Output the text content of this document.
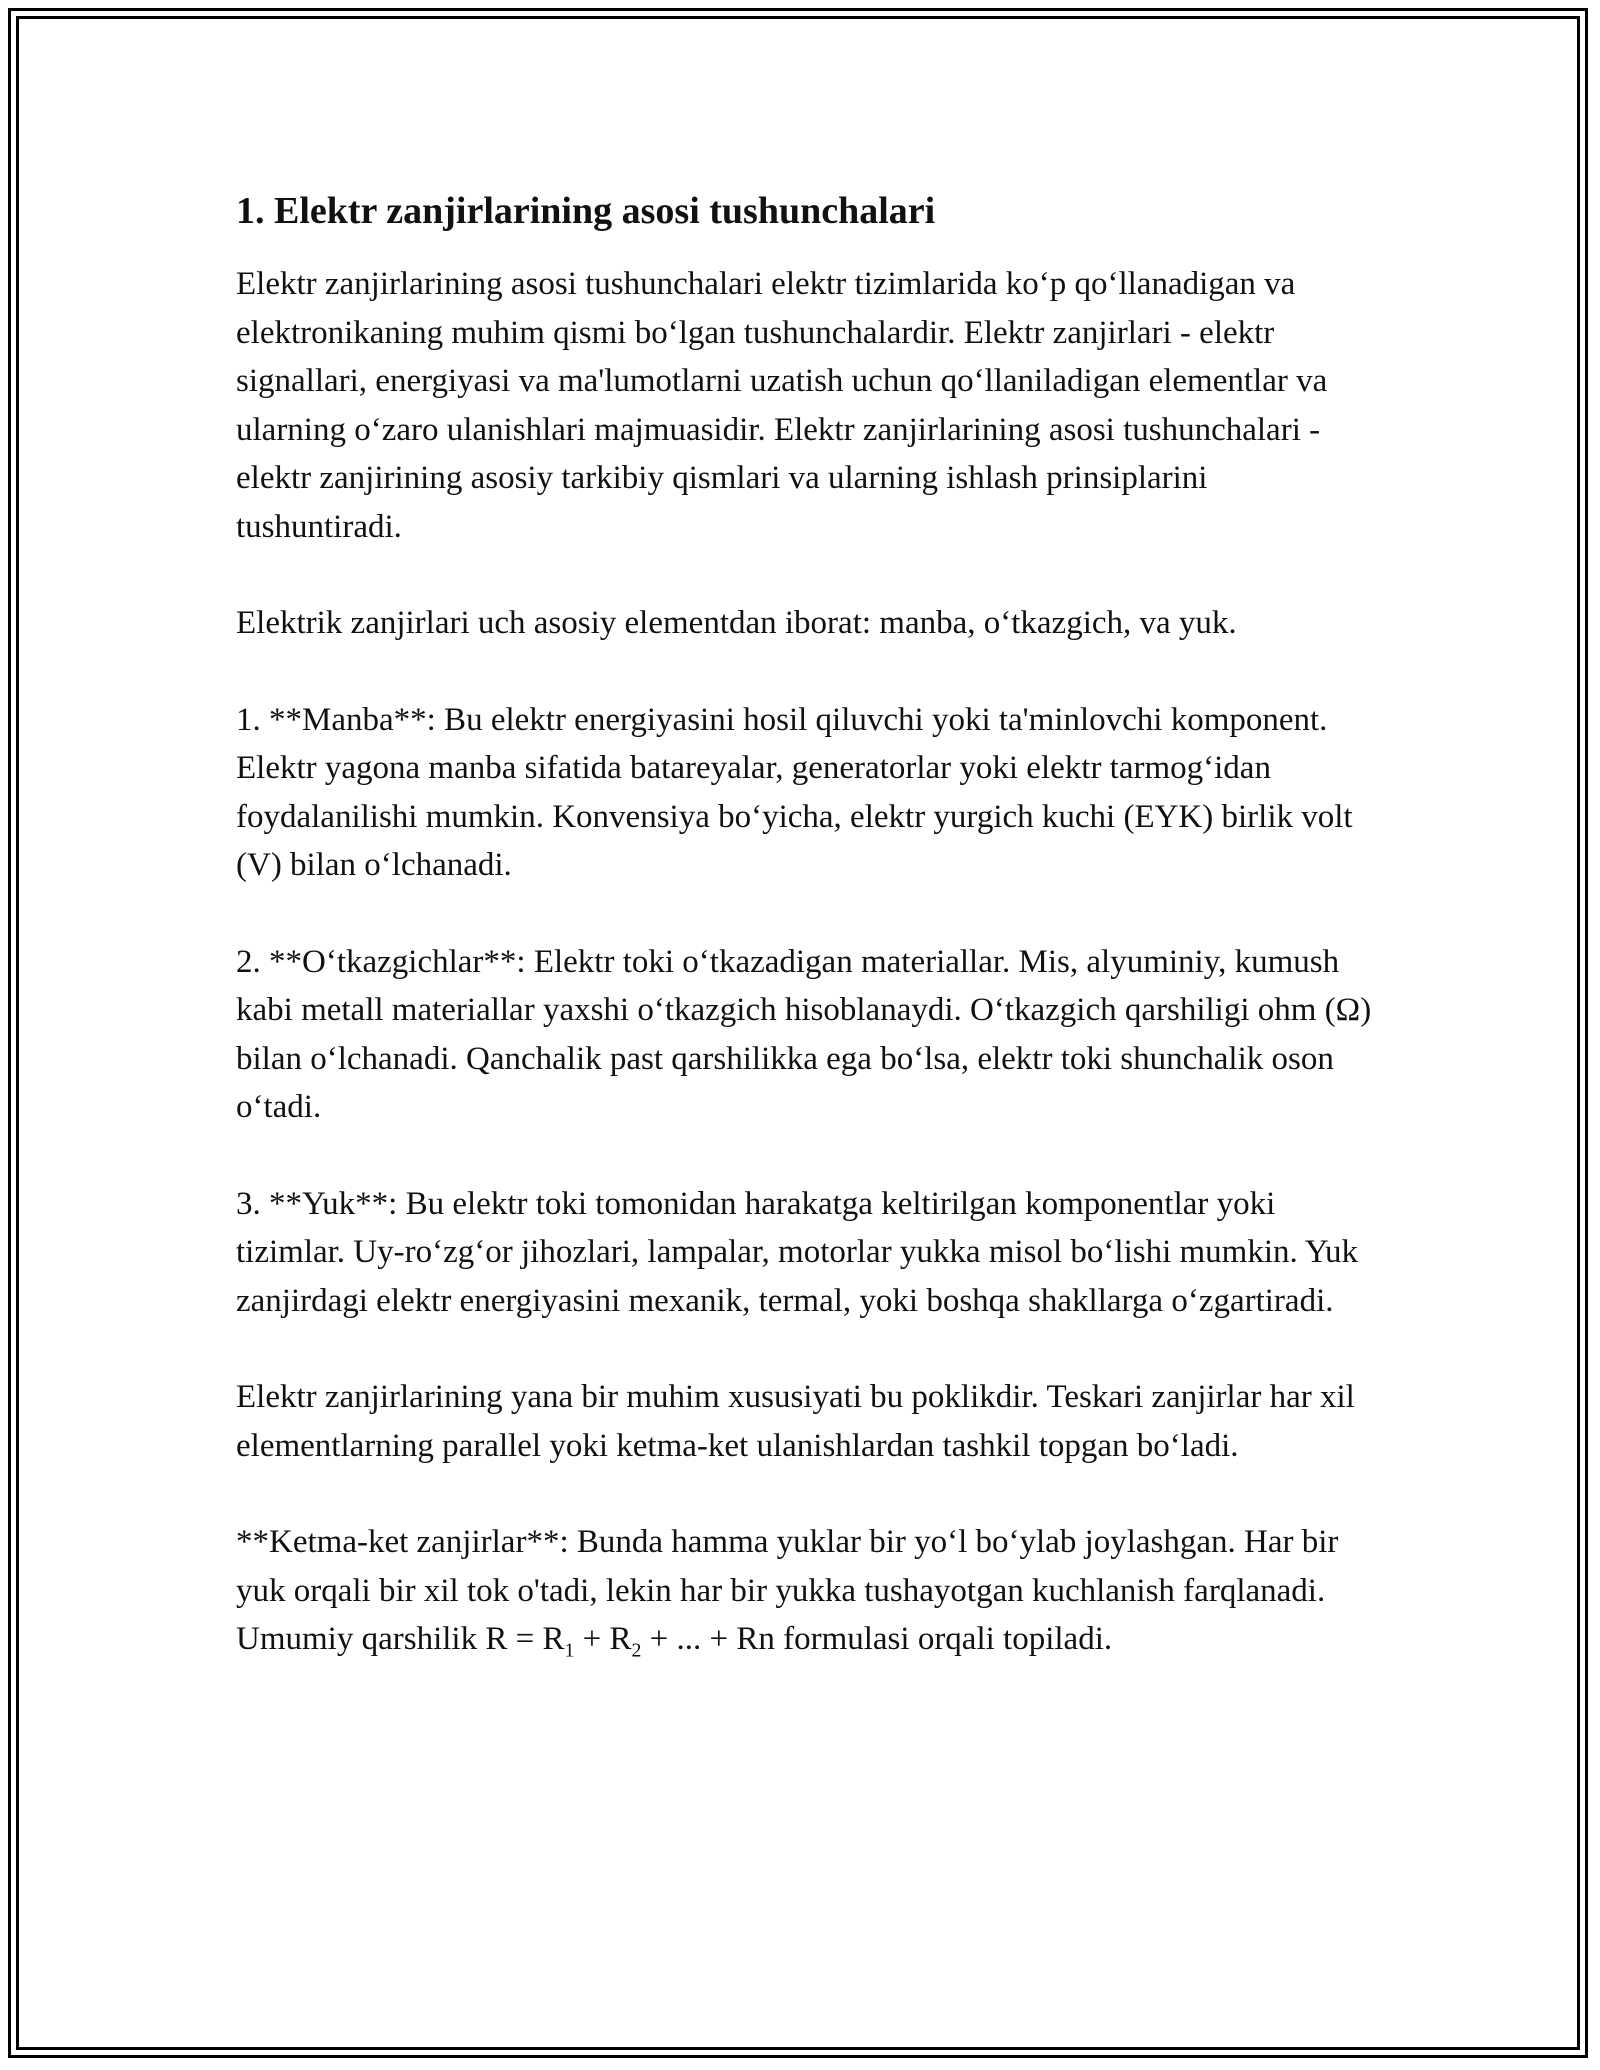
1. Elektr zanjirlarining asosi tushunchalari

Elektr zanjirlarining asosi tushunchalari elektr tizimlarida ko‘p qo‘llanadigan va elektronikaning muhim qismi bo‘lgan tushunchalardir. Elektr zanjirlari - elektr signallari, energiyasi va ma'lumotlarni uzatish uchun qo‘llaniladigan elementlar va ularning o‘zaro ulanishlari majmuasidir. Elektr zanjirlarining asosi tushunchalari - elektr zanjirining asosiy tarkibiy qismlari va ularning ishlash prinsiplarini tushuntiradi.

Elektrik zanjirlari uch asosiy elementdan iborat: manba, o‘tkazgich, va yuk.

1. **Manba**: Bu elektr energiyasini hosil qiluvchi yoki ta'minlovchi komponent. Elektr yagona manba sifatida batareyalar, generatorlar yoki elektr tarmog‘idan foydalanilishi mumkin. Konvensiya bo‘yicha, elektr yurgich kuchi (EYK) birlik volt (V) bilan o‘lchanadi.

2. **O‘tkazgichlar**: Elektr toki o‘tkazadigan materiallar. Mis, alyuminiy, kumush kabi metall materiallar yaxshi o‘tkazgich hisoblanaydi. O‘tkazgich qarshiligi ohm (Ω) bilan o‘lchanadi. Qanchalik past qarshilikka ega bo‘lsa, elektr toki shunchalik oson o‘tadi.

3. **Yuk**: Bu elektr toki tomonidan harakatga keltirilgan komponentlar yoki tizimlar. Uy-ro‘zg‘or jihozlari, lampalar, motorlar yukka misol bo‘lishi mumkin. Yuk zanjirdagi elektr energiyasini mexanik, termal, yoki boshqa shakllarga o‘zgartiradi.

Elektr zanjirlarining yana bir muhim xususiyati bu poklikdir. Teskari zanjirlar har xil elementlarning parallel yoki ketma-ket ulanishlardan tashkil topgan bo‘ladi.

**Ketma-ket zanjirlar**: Bunda hamma yuklar bir yo‘l bo‘ylab joylashgan. Har bir yuk orqali bir xil tok o'tadi, lekin har bir yukka tushayotgan kuchlanish farqlanadi. Umumiy qarshilik $R = R_1 + R_2$ + ... + Rn formulasi orqali topiladi.
